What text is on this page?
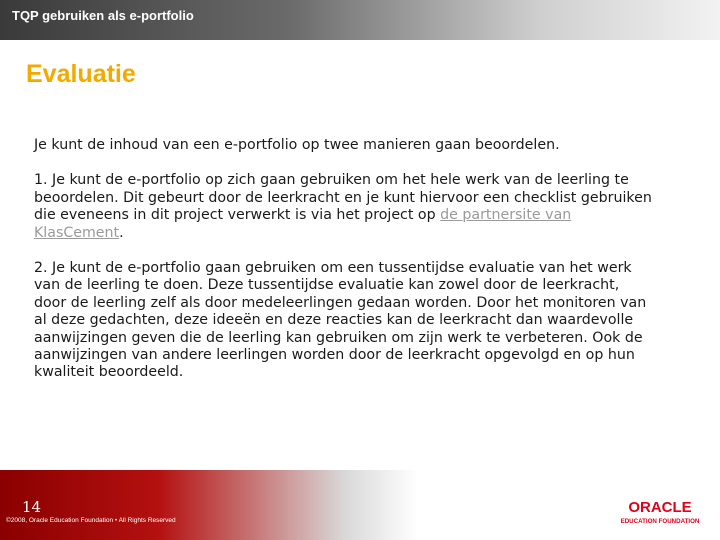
TQP gebruiken als e-portfolio
Evaluatie

Je kunt de inhoud van een e-portfolio op twee manieren gaan beoordelen.

1. Je kunt de e-portfolio op zich gaan gebruiken om het hele werk van de leerling te beoordelen. Dit gebeurt door de leerkracht en je kunt hiervoor een checklist gebruiken die eveneens in dit project verwerkt is via het project op de partnersite van KlasCement.

2. Je kunt de e-portfolio gaan gebruiken om een tussentijdse evaluatie van het werk van de leerling te doen. Deze tussentijdse evaluatie kan zowel door de leerkracht, door de leerling zelf als door medeleerlingen gedaan worden. Door het monitoren van al deze gedachten, deze ideeën en deze reacties kan de leerkracht dan waardevolle aanwijzingen geven die de leerling kan gebruiken om zijn werk te verbeteren. Ook de aanwijzingen van andere leerlingen worden door de leerkracht opgevolgd en op hun kwaliteit beoordeeld.

14
©2008, Oracle Education Foundation • All Rights Reserved
ORACLE
EDUCATION FOUNDATION
